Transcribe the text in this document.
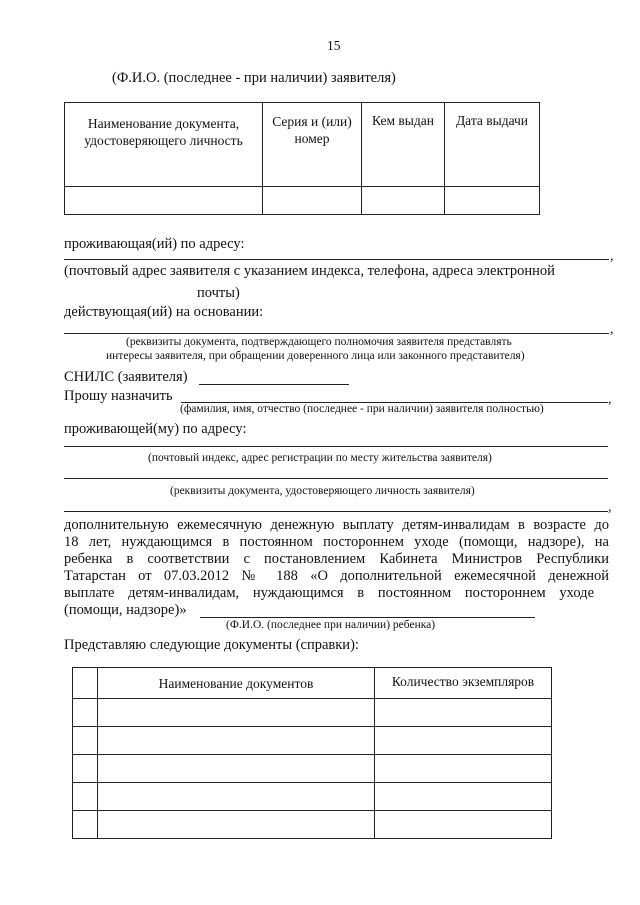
15
(Ф.И.О. (последнее - при наличии) заявителя)
Наименование документа, удостоверяющего личность	Серия и (или) номер	Кем выдан	Дата выдачи

проживающая(ий) по адресу:
,
(почтовый адрес заявителя с указанием индекса, телефона, адреса электронной
почты)
действующая(ий) на основании:
,
(реквизиты документа, подтверждающего полномочия заявителя представлять
интересы заявителя, при обращении доверенного лица или законного представителя)
СНИЛС (заявителя)
Прошу назначить	,
(фамилия, имя, отчество (последнее - при наличии) заявителя полностью)
проживающей(му) по адресу:
(почтовый индекс, адрес регистрации по месту жительства заявителя)
(реквизиты документа, удостоверяющего личность заявителя)
,
дополнительную ежемесячную денежную выплату детям-инвалидам в возрасте до
18 лет, нуждающимся в постоянном постороннем уходе (помощи, надзоре), на
ребенка в соответствии с постановлением Кабинета Министров Республики
Татарстан от 07.03.2012 № 188 «О дополнительной ежемесячной денежной
выплате детям-инвалидам, нуждающимся в постоянном постороннем уходе
(помощи, надзоре)»
(Ф.И.О. (последнее при наличии) ребенка)
Представляю следующие документы (справки):
	Наименование документов	Количество экземпляров
